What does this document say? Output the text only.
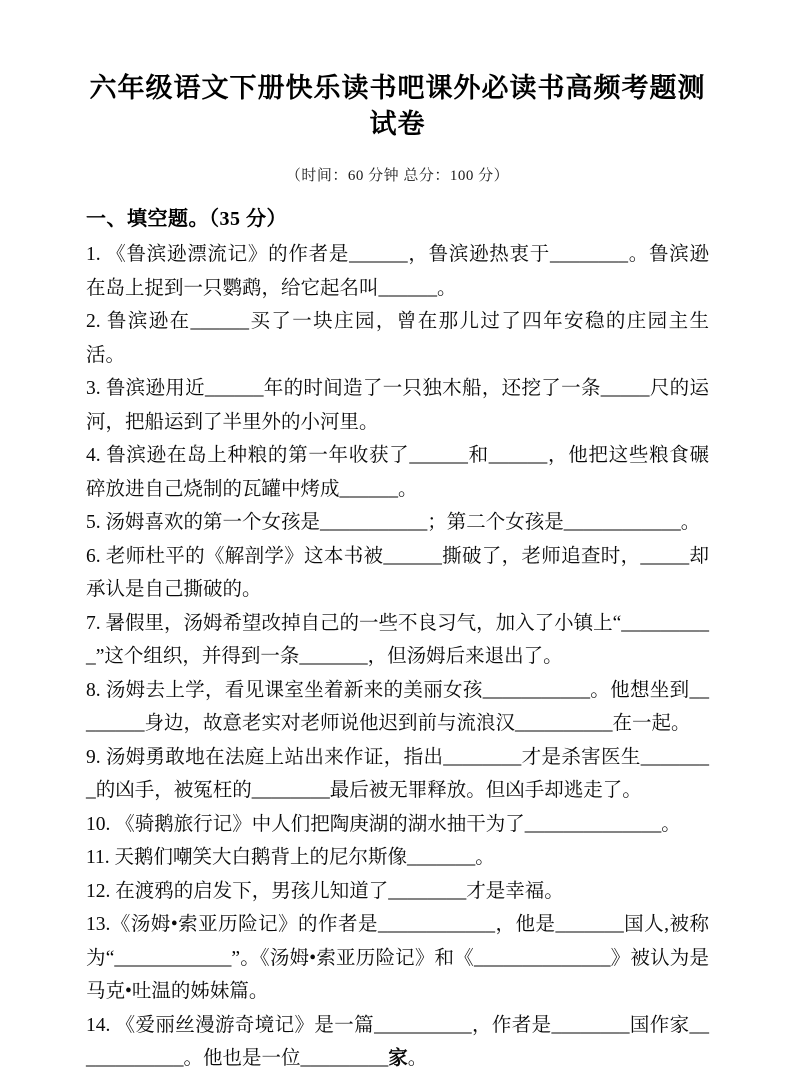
六年级语文下册快乐读书吧课外必读书高频考题测试卷
（时间：60 分钟 总分：100 分）
一、填空题。（35 分）

1. 《鲁滨逊漂流记》的作者是______，鲁滨逊热衷于________。鲁滨逊在岛上捉到一只鹦鹉，给它起名叫______。

2. 鲁滨逊在______买了一块庄园，曾在那儿过了四年安稳的庄园主生活。

3. 鲁滨逊用近______年的时间造了一只独木船，还挖了一条_____尺的运河，把船运到了半里外的小河里。

4. 鲁滨逊在岛上种粮的第一年收获了______和______，他把这些粮食碾碎放进自己烧制的瓦罐中烤成______。

5. 汤姆喜欢的第一个女孩是___________；第二个女孩是____________。

6. 老师杜平的《解剖学》这本书被______撕破了，老师追查时，_____却承认是自己撕破的。

7. 暑假里，汤姆希望改掉自己的一些不良习气，加入了小镇上“__________”这个组织，并得到一条_______，但汤姆后来退出了。

8. 汤姆去上学，看见课室坐着新来的美丽女孩___________。他想坐到________身边，故意老实对老师说他迟到前与流浪汉__________在一起。

9. 汤姆勇敢地在法庭上站出来作证，指出________才是杀害医生________的凶手，被冤枉的________最后被无罪释放。但凶手却逃走了。

10. 《骑鹅旅行记》中人们把陶庚湖的湖水抽干为了______________。

11. 天鹅们嘲笑大白鹅背上的尼尔斯像_______。

12. 在渡鸦的启发下，男孩儿知道了________才是幸福。

13.《汤姆•索亚历险记》的作者是____________，他是_______国人,被称为“____________”。《汤姆•索亚历险记》和《______________》被认为是马克•吐温的姊妹篇。

14. 《爱丽丝漫游奇境记》是一篇__________，作者是________国作家____________。他也是一位_________家。
